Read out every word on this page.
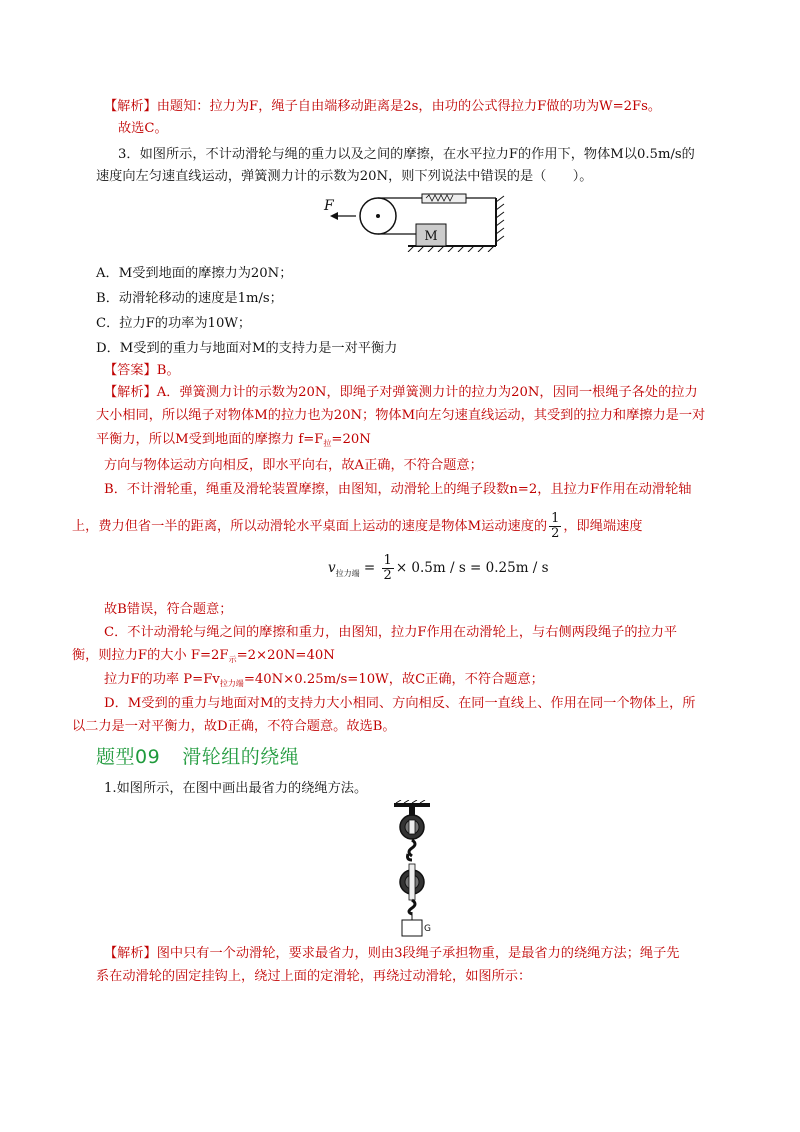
【解析】由题知：拉力为F，绳子自由端移动距离是2s，由功的公式得拉力F做的功为W=2Fs。
故选C。
3．如图所示，不计动滑轮与绳的重力以及之间的摩擦，在水平拉力F的作用下，物体M以0.5m/s的
速度向左匀速直线运动，弹簧测力计的示数为20N，则下列说法中错误的是（　　）。
M
F
A．M受到地面的摩擦力为20N；
B．动滑轮移动的速度是1m/s；
C．拉力F的功率为10W；
D．M受到的重力与地面对M的支持力是一对平衡力
【答案】B。
【解析】A．弹簧测力计的示数为20N，即绳子对弹簧测力计的拉力为20N，因同一根绳子各处的拉力
大小相同，所以绳子对物体M的拉力也为20N；物体M向左匀速直线运动，其受到的拉力和摩擦力是一对
平衡力，所以M受到地面的摩擦力 $f=F_拉=20N$
方向与物体运动方向相反，即水平向右，故A正确，不符合题意；
B．不计滑轮重，绳重及滑轮装置摩擦，由图知，动滑轮上的绳子段数n=2，且拉力F作用在动滑轮轴
上，费力但省一半的距离，所以动滑轮水平桌面上运动的速度是物体M运动速度的 $\frac{1}{2}$ ，即绳端速度
$v_{拉力端} = \frac{1}{2} \times 0.5m / s = 0.25m / s$
故B错误，符合题意；
C．不计动滑轮与绳之间的摩擦和重力，由图知，拉力F作用在动滑轮上，与右侧两段绳子的拉力平
衡，则拉力F的大小 $F=2F_示=2\times 20N=40N$
拉力F的功率 $P=Fv_{拉力端}=40N\times 0.25m/s=10W$，故C正确，不符合题意；
D．M受到的重力与地面对M的支持力大小相同、方向相反、在同一直线上、作用在同一个物体上，所
以二力是一对平衡力，故D正确，不符合题意。故选B。
题型09 滑轮组的绕绳
1.如图所示，在图中画出最省力的绕绳方法。
G
【解析】图中只有一个动滑轮，要求最省力，则由3段绳子承担物重，是最省力的绕绳方法；绳子先
系在动滑轮的固定挂钩上，绕过上面的定滑轮，再绕过动滑轮，如图所示：
